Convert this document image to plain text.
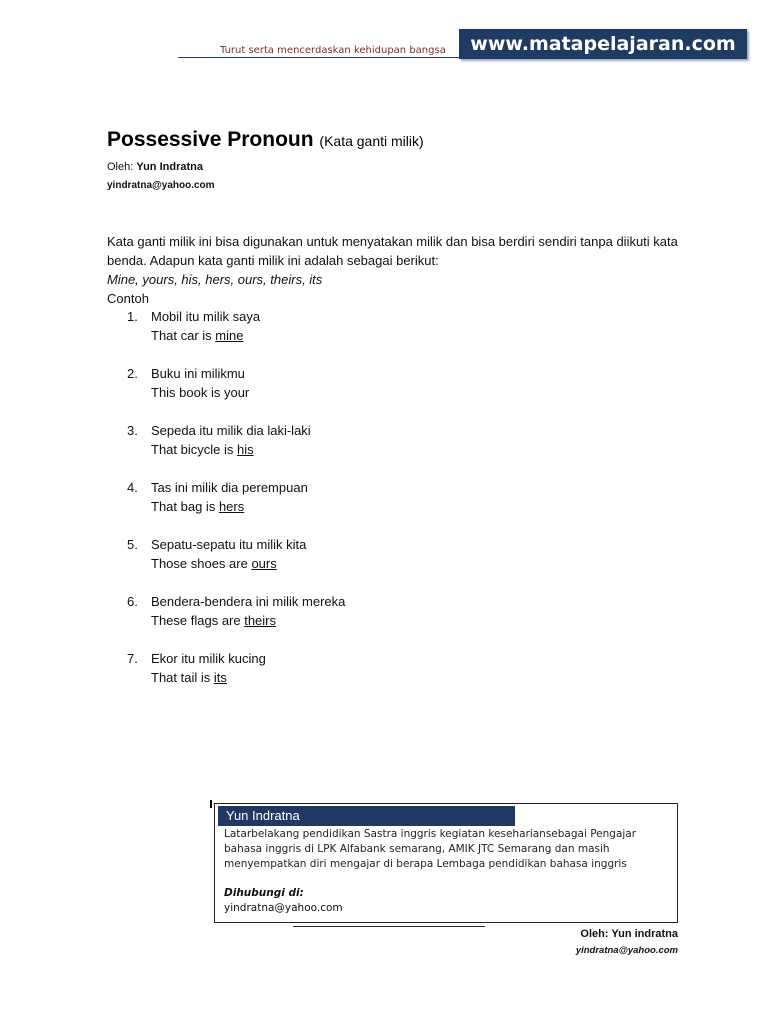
Turut serta mencerdaskan kehidupan bangsa	www.matapelajaran.com
Possessive Pronoun (Kata ganti milik)
Oleh: Yun Indratna
yindratna@yahoo.com

Kata ganti milik ini bisa digunakan untuk menyatakan milik dan bisa berdiri sendiri tanpa diikuti kata benda. Adapun kata ganti milik ini adalah sebagai berikut:

Mine, yours, his, hers, ours, theirs, its

Contoh

1. Mobil itu milik saya
That car is mine
2. Buku ini milikmu
This book is your
3. Sepeda itu milik dia laki-laki
That bicycle is his
4. Tas ini milik dia perempuan
That bag is hers
5. Sepatu-sepatu itu milik kita
Those shoes are ours
6. Bendera-bendera ini milik mereka
These flags are theirs
7. Ekor itu milik kucing
That tail is its
Yun Indratna
Latarbelakang pendidikan Sastra inggris kegiatan kesehariansebagai Pengajar bahasa inggris di LPK Alfabank semarang, AMIK JTC Semarang dan masih menyempatkan diri mengajar di berapa Lembaga pendidikan bahasa inggris
Dihubungi di:
yindratna@yahoo.com
Oleh: Yun indratna
yindratna@yahoo.com
